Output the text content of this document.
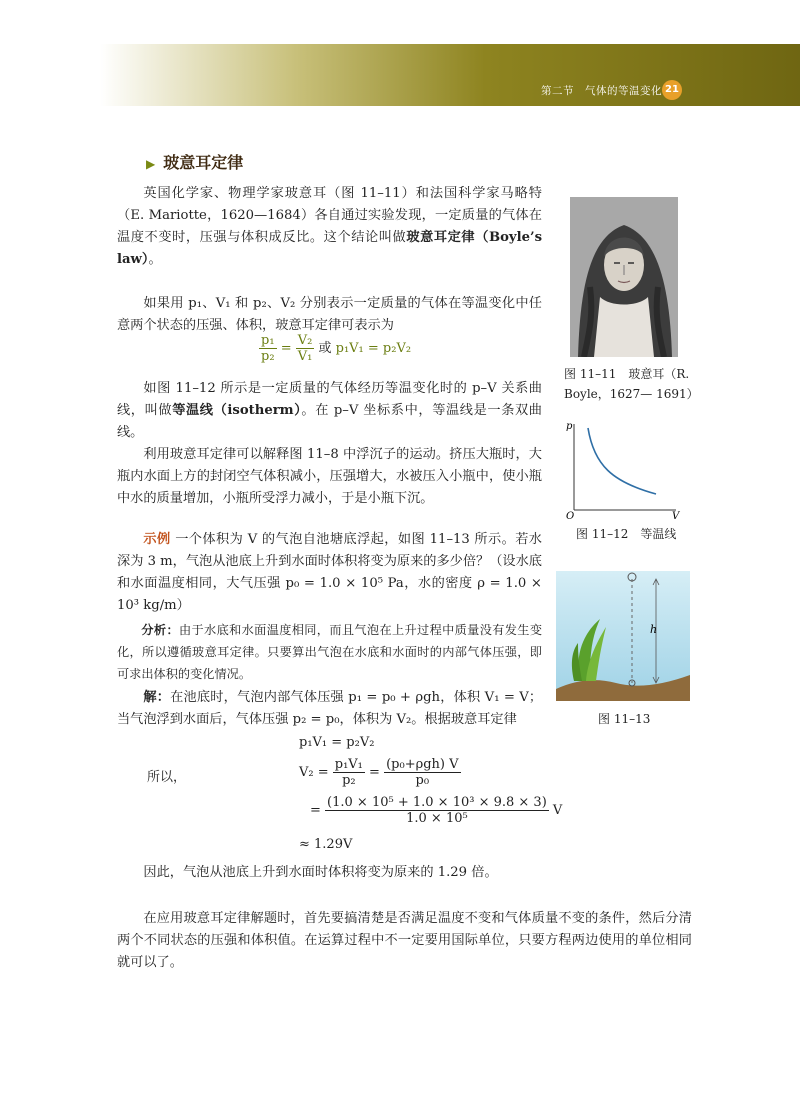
第二节　气体的等温变化 21
▶ 玻意耳定律
英国化学家、物理学家玻意耳（图 11–11）和法国科学家马略特（E. Mariotte，1620—1684）各自通过实验发现，一定质量的气体在温度不变时，压强与体积成反比。这个结论叫做玻意耳定律（Boyle’s law）。
如果用 p₁、V₁ 和 p₂、V₂ 分别表示一定质量的气体在等温变化中任意两个状态的压强、体积，玻意耳定律可表示为
$\frac{\text{p₁}}{\text{p₂}} = \frac{\text{V₂}}{\text{V₁}}$ 或 p₁V₁ = p₂V₂
如图 11–12 所示是一定质量的气体经历等温变化时的 p–V 关系曲线，叫做等温线（isotherm）。在 p–V 坐标系中，等温线是一条双曲线。
利用玻意耳定律可以解释图 11–8 中浮沉子的运动。挤压大瓶时，大瓶内水面上方的封闭空气体积减小，压强增大，水被压入小瓶中，使小瓶中水的质量增加，小瓶所受浮力减小，于是小瓶下沉。
示例 一个体积为 V 的气泡自池塘底浮起，如图 11–13 所示。若水深为 3 m，气泡从池底上升到水面时体积将变为原来的多少倍？（设水底和水面温度相同，大气压强 p₀ = 1.0 × 10⁵ Pa，水的密度 ρ = 1.0 × 10³ kg/m）
分析：由于水底和水面温度相同，而且气泡在上升过程中质量没有发生变化，所以遵循玻意耳定律。只要算出气泡在水底和水面时的内部气体压强，即可求出体积的变化情况。
解：在池底时，气泡内部气体压强 p₁ = p₀ + ρgh，体积 V₁ = V；当气泡浮到水面后，气体压强 p₂ = p₀，体积为 V₂。根据玻意耳定律
p₁V₁ = p₂V₂
所以，	$V_2 = \frac{\text{p₁V₁}}{\text{p₂}} = \frac{\text{(p₀+ρgh) V}}{\text{p₀}}$
= $\frac{\text{(1.0 × 10⁵ + 1.0 × 10³ × 9.8 × 3)}}{\text{1.0 × 10⁵}}$ V
≈ 1.29V
因此，气泡从池底上升到水面时体积将变为原来的 1.29 倍。
在应用玻意耳定律解题时，首先要搞清楚是否满足温度不变和气体质量不变的条件，然后分清两个不同状态的压强和体积值。在运算过程中不一定要用国际单位，只要方程两边使用的单位相同就可以了。
图 11–11　玻意耳（R. Boyle，1627— 1691）
p
V
O
图 11–12　等温线
h
图 11–13
